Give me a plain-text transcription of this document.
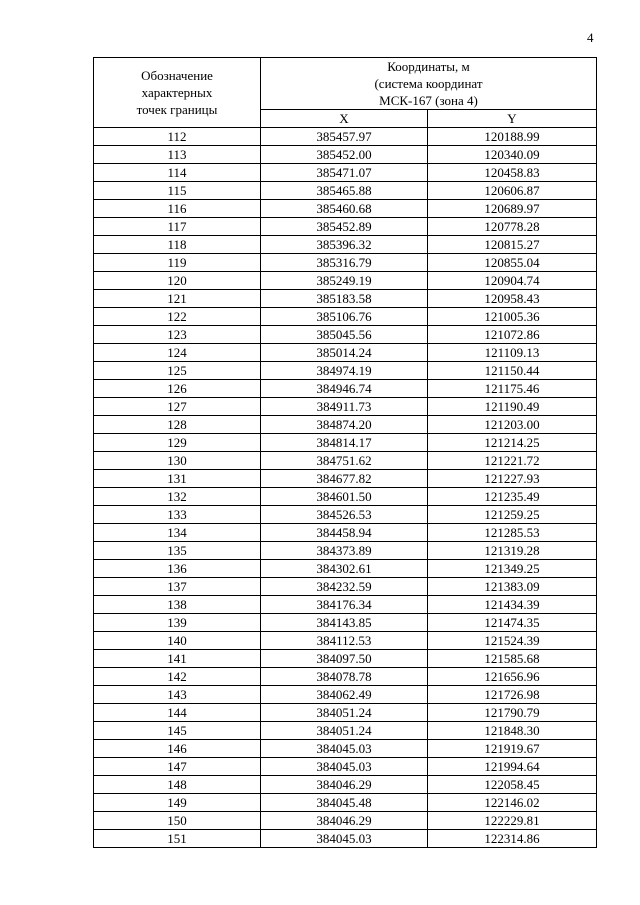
4
Обозначение
характерных
точек границы	Координаты, м
(система координат
МСК-167 (зона 4)	

	X	Y
112	385457.97	120188.99
113	385452.00	120340.09
114	385471.07	120458.83
115	385465.88	120606.87
116	385460.68	120689.97
117	385452.89	120778.28
118	385396.32	120815.27
119	385316.79	120855.04
120	385249.19	120904.74
121	385183.58	120958.43
122	385106.76	121005.36
123	385045.56	121072.86
124	385014.24	121109.13
125	384974.19	121150.44
126	384946.74	121175.46
127	384911.73	121190.49
128	384874.20	121203.00
129	384814.17	121214.25
130	384751.62	121221.72
131	384677.82	121227.93
132	384601.50	121235.49
133	384526.53	121259.25
134	384458.94	121285.53
135	384373.89	121319.28
136	384302.61	121349.25
137	384232.59	121383.09
138	384176.34	121434.39
139	384143.85	121474.35
140	384112.53	121524.39
141	384097.50	121585.68
142	384078.78	121656.96
143	384062.49	121726.98
144	384051.24	121790.79
145	384051.24	121848.30
146	384045.03	121919.67
147	384045.03	121994.64
148	384046.29	122058.45
149	384045.48	122146.02
150	384046.29	122229.81
151	384045.03	122314.86
